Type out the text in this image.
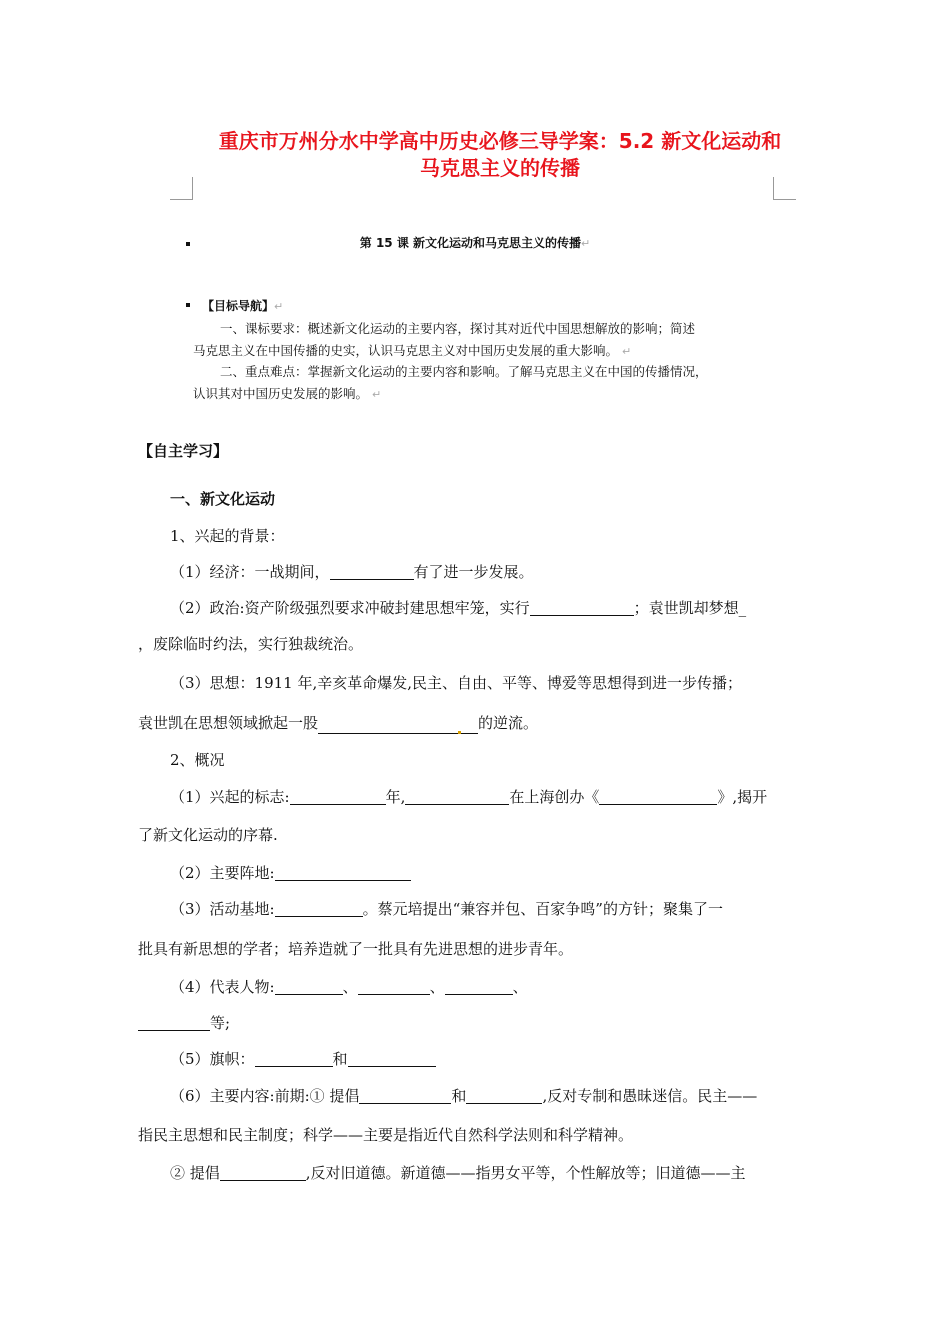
重庆市万州分水中学高中历史必修三导学案：5.2 新文化运动和
马克思主义的传播
第 15 课 新文化运动和马克思主义的传播↵
【目标导航】↵
一、课标要求：概述新文化运动的主要内容，探讨其对近代中国思想解放的影响；简述
马克思主义在中国传播的史实，认识马克思主义对中国历史发展的重大影响。 ↵
二、重点难点：掌握新文化运动的主要内容和影响。了解马克思主义在中国的传播情况，
认识其对中国历史发展的影响。 ↵
【自主学习】
一、新文化运动
1、兴起的背景：
（1）经济：一战期间，	有了进一步发展。
（2）政治:资产阶级强烈要求冲破封建思想牢笼，实行	；袁世凯却梦想_
，废除临时约法，实行独裁统治。
（3）思想：1911 年,辛亥革命爆发,民主、自由、平等、博爱等思想得到进一步传播；
袁世凯在思想领域掀起一股	的逆流。
2、概况
（1）兴起的标志:	年,	在上海创办《	》,揭开
了新文化运动的序幕.
（2）主要阵地:
（3）活动基地:	。蔡元培提出“兼容并包、百家争鸣”的方针；聚集了一
批具有新思想的学者；培养造就了一批具有先进思想的进步青年。
（4）代表人物:	、	、	、
等;
（5）旗帜：	和
（6）主要内容:前期:① 提倡	和	,反对专制和愚昧迷信。民主——
指民主思想和民主制度；科学——主要是指近代自然科学法则和科学精神。
② 提倡	,反对旧道德。新道德——指男女平等，个性解放等；旧道德——主
